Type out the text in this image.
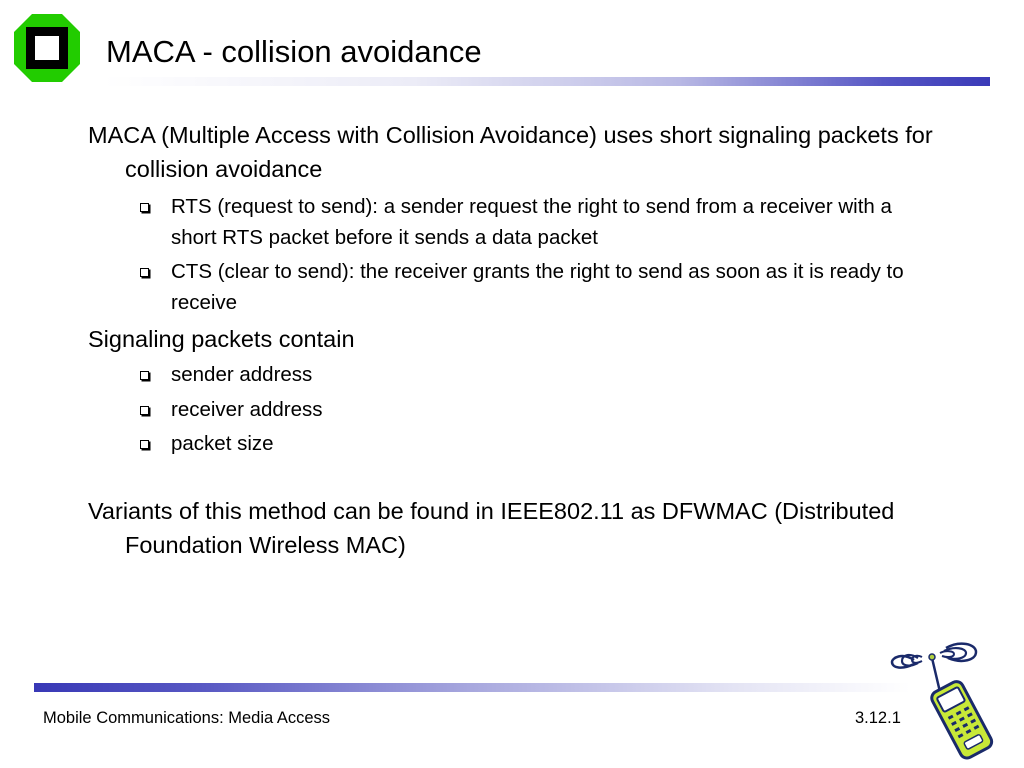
MACA - collision avoidance

MACA (Multiple Access with Collision Avoidance) uses short signaling packets for collision avoidance

RTS (request to send): a sender request the right to send from a receiver with a short RTS packet before it sends a data packet

CTS (clear to send): the receiver grants the right to send as soon as it is ready to receive

Signaling packets contain

sender address

receiver address

packet size

Variants of this method can be found in IEEE802.11 as DFWMAC (Distributed Foundation Wireless MAC)

Mobile Communications: Media Access	3.12.1
